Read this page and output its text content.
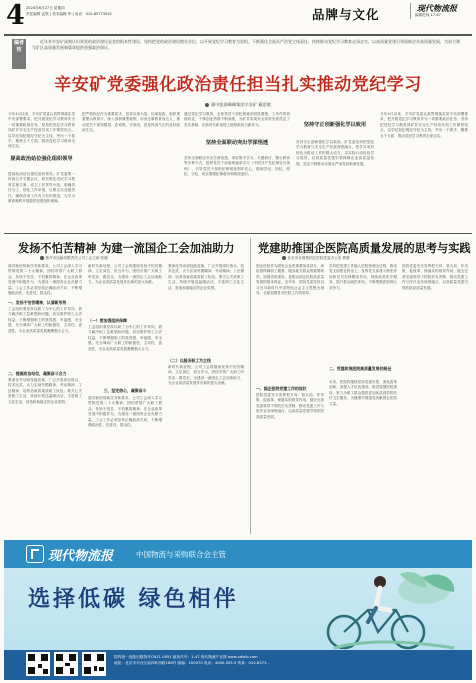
4 2024年6月27日 星期四
责任编辑 孟轶 | 美术编辑 华 | 电话：010-65773501	品牌与文化	现代物流报
编辑范钝 17-47
编者按
近年来辛安矿深刻认识到党的政治建设是党的根本性建设，坚持把党的政治建设摆在首位，以开展党纪学习教育为契机，不断强化全面从严治党主体责任，持续推动党纪学习教育走深走实，以高质量党建引领保障企业高质量发展，为奋力谱写矿区高质量发展新篇章提供坚强政治保证。
辛安矿党委强化政治责任担当扎实推动党纪学习
冀中能源峰峰集团辛安矿 戴思敏

今年4月以来，辛安矿党委认真贯彻落实党中央部署要求，把开展党纪学习教育作为一项重要政治任务，坚持把党纪学习教育同矿井安全生产经营各项工作紧密结合，以学纪知纪明纪守纪为主线，突出一个抓手、聚焦五个方面，推动党纪学习教育走深走实。

提高政治站位强化组织领导

提高政治站位强化组织领导。矿党委第一时间召开专题会议，研究制定党纪学习教育实施方案，成立工作领导小组，明确责任分工、细化工作举措，压紧压实各级责任，确保各项工作有力有序推进，为学习教育顺利开展提供坚强组织保障。

把严格执纪作为重要抓手，坚持以案为鉴、以案促改，组织观看警示教育片，深入剖析典型案例，用身边事教育身边人，推动党员干部知敬畏、存戒惧、守底线，营造风清气正的良好政治生态。

通过党纪学习教育，全体党员干部纪律意识明显增强，工作作风持续转变，干事创业热情不断高涨，为矿井实现安全高效发展奠定了坚实基础，在新时代新征程上展现新担当新作为。

坚持全面联动突出学深悟透

坚持全面联动突出学深悟透。采取集中学习、专题研讨、警示教育等多种方式，组织党员干部逐章逐条学习《中国共产党纪律处分条例》，引导党员干部把纪律规矩刻印在心，做到学纪、知纪、明纪、守纪，切实增强纪律意识和规矩意识。

坚持守正创新强化学以致用

坚持守正创新强化学以致用。矿党委坚持把党纪学习教育与安全生产经营深度融合，把学习成效转化为推动工作的强大动力，以实际行动检验学习成效，以高质量党建引领保障企业高质量发展，坚定不移推动全面从严治党向纵深发展。

今年4月以来，辛安矿党委认真贯彻落实党中央部署要求，把开展党纪学习教育作为一项重要政治任务，坚持把党纪学习教育同矿井安全生产经营各项工作紧密结合，以学纪知纪明纪守纪为主线，突出一个抓手、聚焦五个方面，推动党纪学习教育走深走实。

发扬不怕苦精神 为建一流国企工会加油助力
焦作市运输有限责任公司工会主席 张晓

面对新形势新任务新要求，公司工会深入学习贯彻党的二十大精神，团结带领广大职工群众，发扬不怕苦、不怕累的精神，在企业改革发展中积极作为，为建设一流国有企业贡献力量。工会工作必须坚持正确政治方向，不断增强政治性、先进性、群众性。

一、发扬不怕苦精神，认清新形势

工会组织要坚持以职工为中心的工作导向，着力解决职工急难愁盼问题，切实维护职工合法权益，不断增强职工的获得感、幸福感、安全感，充分调动广大职工的积极性、主动性、创造性，为企业高质量发展凝聚强大合力。

二、提高政治站位，凝聚奋斗合力

要深化劳动和技能竞赛，广泛开展岗位练兵、技术比武，大力弘扬劳模精神、劳动精神、工匠精神，培养造就高素质职工队伍。要关心关爱职工生活，持续开展送温暖活动，丰富职工文化生活，营造和谐稳定的企业氛围。

新时代新征程，公司工会将继续发扬不怕苦精神，立足岗位、担当作为，团结引领广大职工听党话、跟党走，为建设一流国企工会加油助力，为企业高质量发展作出新的更大贡献。

（一）要加强组织保障

工会组织要坚持以职工为中心的工作导向，着力解决职工急难愁盼问题，切实维护职工合法权益，不断增强职工的获得感、幸福感、安全感，充分调动广大职工的积极性、主动性、创造性，为企业高质量发展凝聚强大合力。

三、坚定信心，凝聚奋斗

面对新形势新任务新要求，公司工会深入学习贯彻党的二十大精神，团结带领广大职工群众，发扬不怕苦、不怕累的精神，在企业改革发展中积极作为，为建设一流国有企业贡献力量。工会工作必须坚持正确政治方向，不断增强政治性、先进性、群众性。

要深化劳动和技能竞赛，广泛开展岗位练兵、技术比武，大力弘扬劳模精神、劳动精神、工匠精神，培养造就高素质职工队伍。要关心关爱职工生活，持续开展送温暖活动，丰富职工文化生活，营造和谐稳定的企业氛围。

（二）以服务职工为主线

新时代新征程，公司工会将继续发扬不怕苦精神，立足岗位、担当作为，团结引领广大职工听党话、跟党走，为建设一流国企工会加油助力，为企业高质量发展作出新的更大贡献。

党建助推国企医院高质量发展的思考与实践
北京市京煤集团总医院党委办公室 曹蕾

国企医院作为国有企业的重要组成部分，承担着保障职工健康、服务地方群众的重要职责。加强党的建设，是推动国企医院高质量发展的根本保证。近年来，医院党委坚持以习近平新时代中国特色社会主义思想为指导，全面加强党对医院工作的领导。

一、国企医院党建工作的现状

医院党委充分发挥把方向、管大局、作决策、促改革、保落实的领导作用，健全完善党委领导下的院长负责制，推动党建工作与医疗业务深度融合，以高质量党建引领医院高质量发展。

坚持把党建工作融入医院管理全过程，推动党支部建在科室上，发挥党支部战斗堡垒作用和党员先锋模范作用，持续改善医疗服务，提升群众就医体验，不断增强医院核心竞争力。

二、党建助推医院高质量发展的路径

未来，医院将继续坚持党建引领，深化改革创新，加强人才队伍建设，推进智慧医院建设，努力为职工群众提供更加优质高效的医疗卫生服务，为健康中国建设贡献国企医院力量。

医院党委充分发挥把方向、管大局、作决策、促改革、保落实的领导作用，健全完善党委领导下的院长负责制，推动党建工作与医疗业务深度融合，以高质量党建引领医院高质量发展。

现代物流报	中国物流与采购联合会主管
选择低碳 绿色相伴
国内统一连续出版物号CN11-0051 邮发代号：1-47 现代物流产业网 www.xdwlb.com
地址：北京市丰台区南四环西路188号 邮编：100070 电话：4000-505-9 传真：010-8373...
